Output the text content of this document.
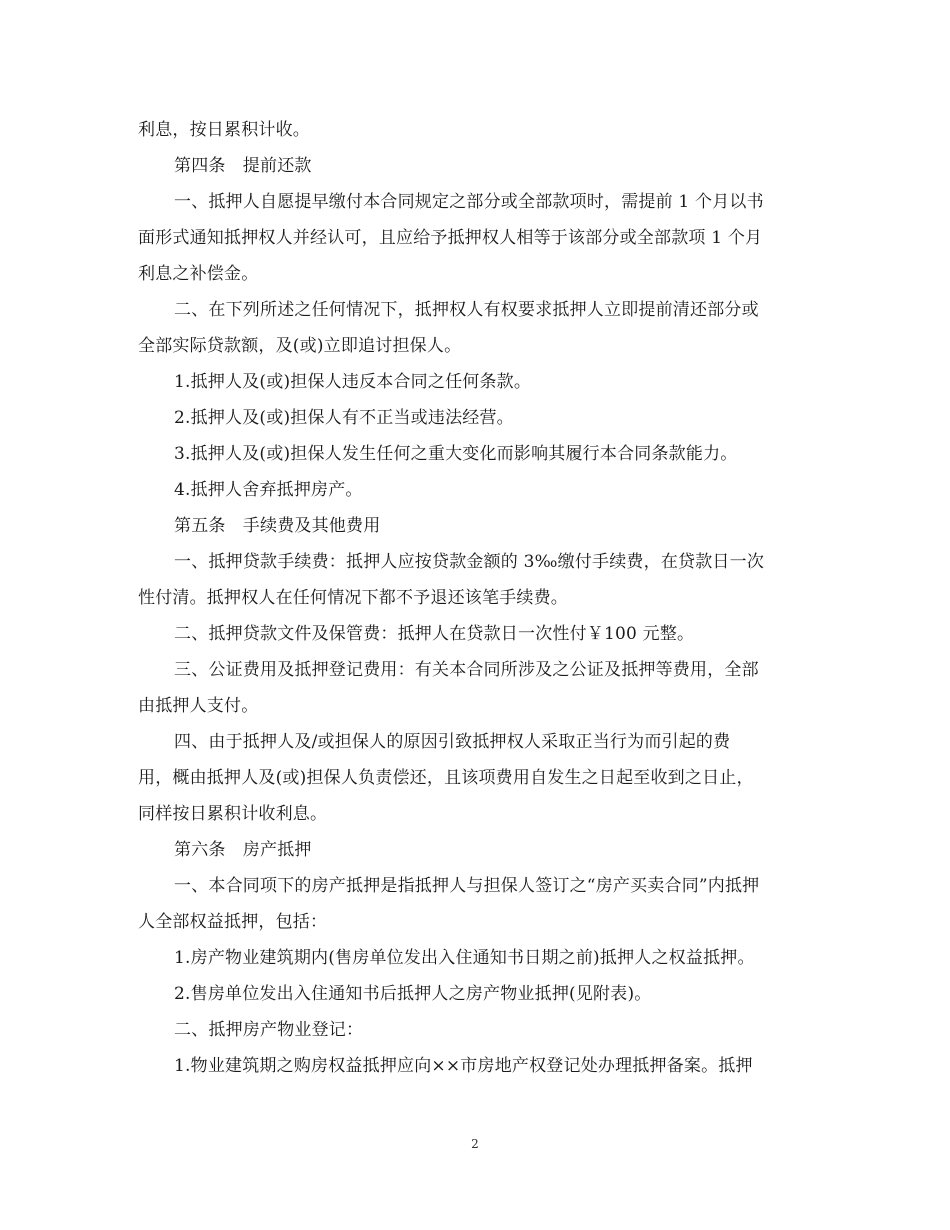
利息，按日累积计收。
第四条　提前还款
一、抵押人自愿提早缴付本合同规定之部分或全部款项时，需提前 1 个月以书
面形式通知抵押权人并经认可，且应给予抵押权人相等于该部分或全部款项 1 个月
利息之补偿金。
二、在下列所述之任何情况下，抵押权人有权要求抵押人立即提前清还部分或
全部实际贷款额，及(或)立即追讨担保人。
1.抵押人及(或)担保人违反本合同之任何条款。
2.抵押人及(或)担保人有不正当或违法经营。
3.抵押人及(或)担保人发生任何之重大变化而影响其履行本合同条款能力。
4.抵押人舍弃抵押房产。
第五条　手续费及其他费用
一、抵押贷款手续费：抵押人应按贷款金额的 3‰缴付手续费，在贷款日一次
性付清。抵押权人在任何情况下都不予退还该笔手续费。
二、抵押贷款文件及保管费：抵押人在贷款日一次性付￥100 元整。
三、公证费用及抵押登记费用：有关本合同所涉及之公证及抵押等费用，全部
由抵押人支付。
四、由于抵押人及/或担保人的原因引致抵押权人采取正当行为而引起的费
用，概由抵押人及(或)担保人负责偿还，且该项费用自发生之日起至收到之日止，
同样按日累积计收利息。
第六条　房产抵押
一、本合同项下的房产抵押是指抵押人与担保人签订之“房产买卖合同”内抵押
人全部权益抵押，包括：
1.房产物业建筑期内(售房单位发出入住通知书日期之前)抵押人之权益抵押。
2.售房单位发出入住通知书后抵押人之房产物业抵押(见附表)。
二、抵押房产物业登记：
1.物业建筑期之购房权益抵押应向××市房地产权登记处办理抵押备案。抵押

2
